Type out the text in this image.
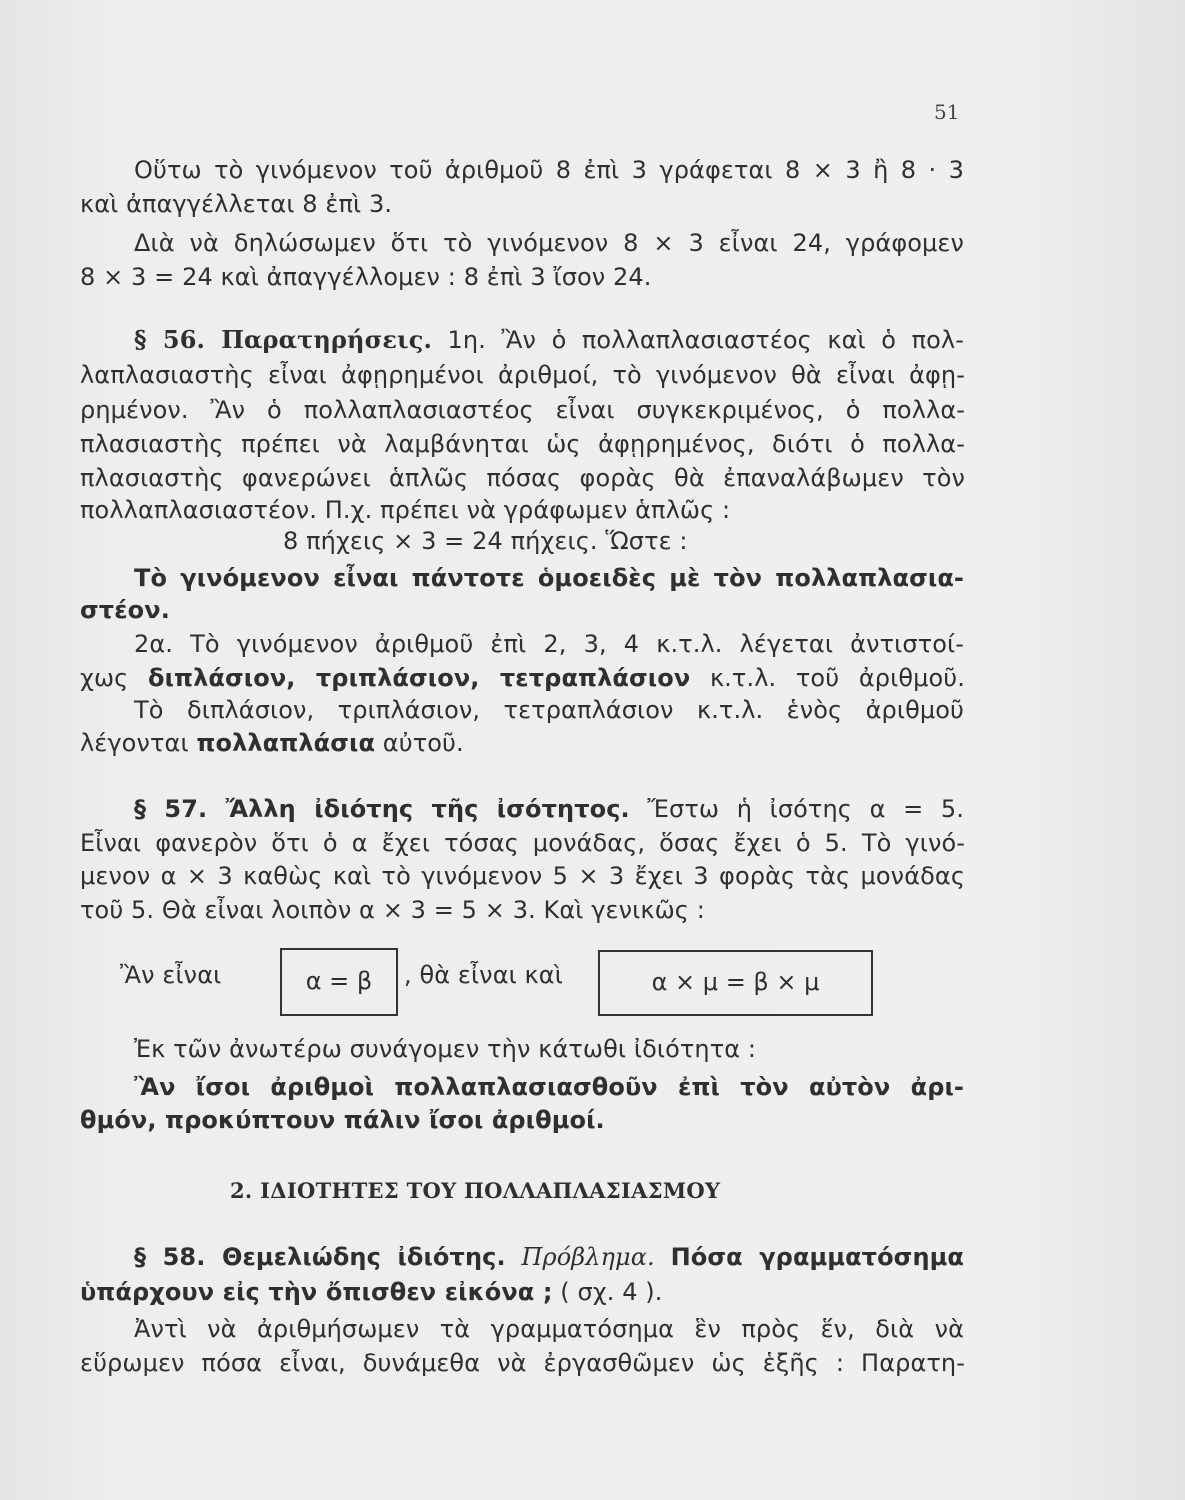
51
Οὕτω τὸ γινόμενον τοῦ ἀριθμοῦ 8 ἐπὶ 3 γράφεται 8 × 3 ἢ 8 · 3
καὶ ἀπαγγέλλεται 8 ἐπὶ 3.
Διὰ νὰ δηλώσωμεν ὅτι τὸ γινόμενον 8 × 3 εἶναι 24, γράφομεν
8 × 3 = 24 καὶ ἀπαγγέλλομεν : 8 ἐπὶ 3 ἴσον 24.
§ 56. Παρατηρήσεις. 1η. Ἂν ὁ πολλαπλασιαστέος καὶ ὁ πολ-
λαπλασιαστὴς εἶναι ἀφῃρημένοι ἀριθμοί, τὸ γινόμενον θὰ εἶναι ἀφῃ-
ρημένον. Ἂν ὁ πολλαπλασιαστέος εἶναι συγκεκριμένος, ὁ πολλα-
πλασιαστὴς πρέπει νὰ λαμβάνηται ὡς ἀφῃρημένος, διότι ὁ πολλα-
πλασιαστὴς φανερώνει ἁπλῶς πόσας φορὰς θὰ ἐπαναλάβωμεν τὸν
πολλαπλασιαστέον. Π.χ. πρέπει νὰ γράφωμεν ἁπλῶς :
8 πήχεις × 3 = 24 πήχεις. Ὥστε :
Τὸ γινόμενον εἶναι πάντοτε ὁμοειδὲς μὲ τὸν πολλαπλασια-
στέον.
2α. Τὸ γινόμενον ἀριθμοῦ ἐπὶ 2, 3, 4 κ.τ.λ. λέγεται ἀντιστοί-
χως διπλάσιον, τριπλάσιον, τετραπλάσιον κ.τ.λ. τοῦ ἀριθμοῦ.
Τὸ διπλάσιον, τριπλάσιον, τετραπλάσιον κ.τ.λ. ἑνὸς ἀριθμοῦ
λέγονται πολλαπλάσια αὐτοῦ.
§ 57. Ἄλλη ἰδιότης τῆς ἰσότητος. Ἔστω ἡ ἰσότης α = 5.
Εἶναι φανερὸν ὅτι ὁ α ἔχει τόσας μονάδας, ὅσας ἔχει ὁ 5. Τὸ γινό-
μενον α × 3 καθὼς καὶ τὸ γινόμενον 5 × 3 ἔχει 3 φορὰς τὰς μονάδας
τοῦ 5. Θὰ εἶναι λοιπὸν α × 3 = 5 × 3. Καὶ γενικῶς :
Ἂν εἶναι	α = β	, θὰ εἶναι καὶ	α × μ = β × μ
Ἐκ τῶν ἀνωτέρω συνάγομεν τὴν κάτωθι ἰδιότητα :
Ἂν ἴσοι ἀριθμοὶ πολλαπλασιασθοῦν ἐπὶ τὸν αὐτὸν ἀρι-
θμόν, προκύπτουν πάλιν ἴσοι ἀριθμοί.
2. ΙΔΙΟΤΗΤΕΣ ΤΟΥ ΠΟΛΛΑΠΛΑΣΙΑΣΜΟΥ
§ 58. Θεμελιώδης ἰδιότης. Πρόβλημα. Πόσα γραμματόσημα
ὑπάρχουν εἰς τὴν ὄπισθεν εἰκόνα ; ( σχ. 4 ).
Ἀντὶ νὰ ἀριθμήσωμεν τὰ γραμματόσημα ἓν πρὸς ἕν, διὰ νὰ
εὕρωμεν πόσα εἶναι, δυνάμεθα νὰ ἐργασθῶμεν ὡς ἑξῆς : Παρατη-
